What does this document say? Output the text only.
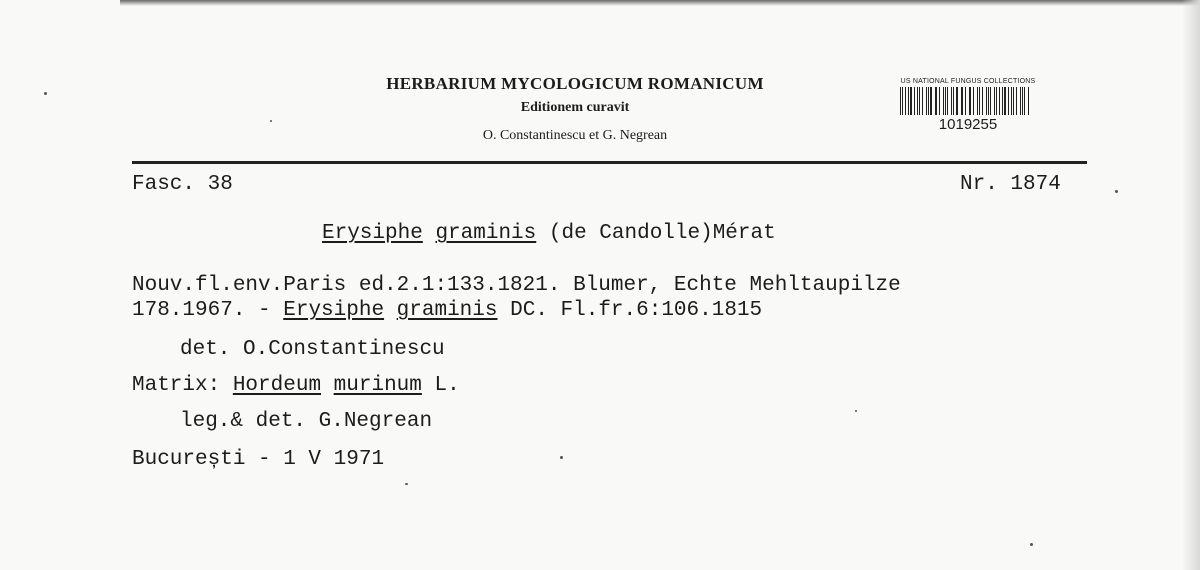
HERBARIUM MYCOLOGICUM ROMANICUM
Editionem curavit
O. Constantinescu et G. Negrean
US NATIONAL FUNGUS COLLECTIONS
1019255
Fasc. 38	Nr. 1874
Erysiphe graminis (de Candolle)Mérat
Nouv.fl.env.Paris ed.2.1:133.1821. Blumer, Echte Mehltaupilze
178.1967. - Erysiphe graminis DC. Fl.fr.6:106.1815
det. O.Constantinescu
Matrix: Hordeum murinum L.
leg.& det. G.Negrean
București - 1 V 1971
